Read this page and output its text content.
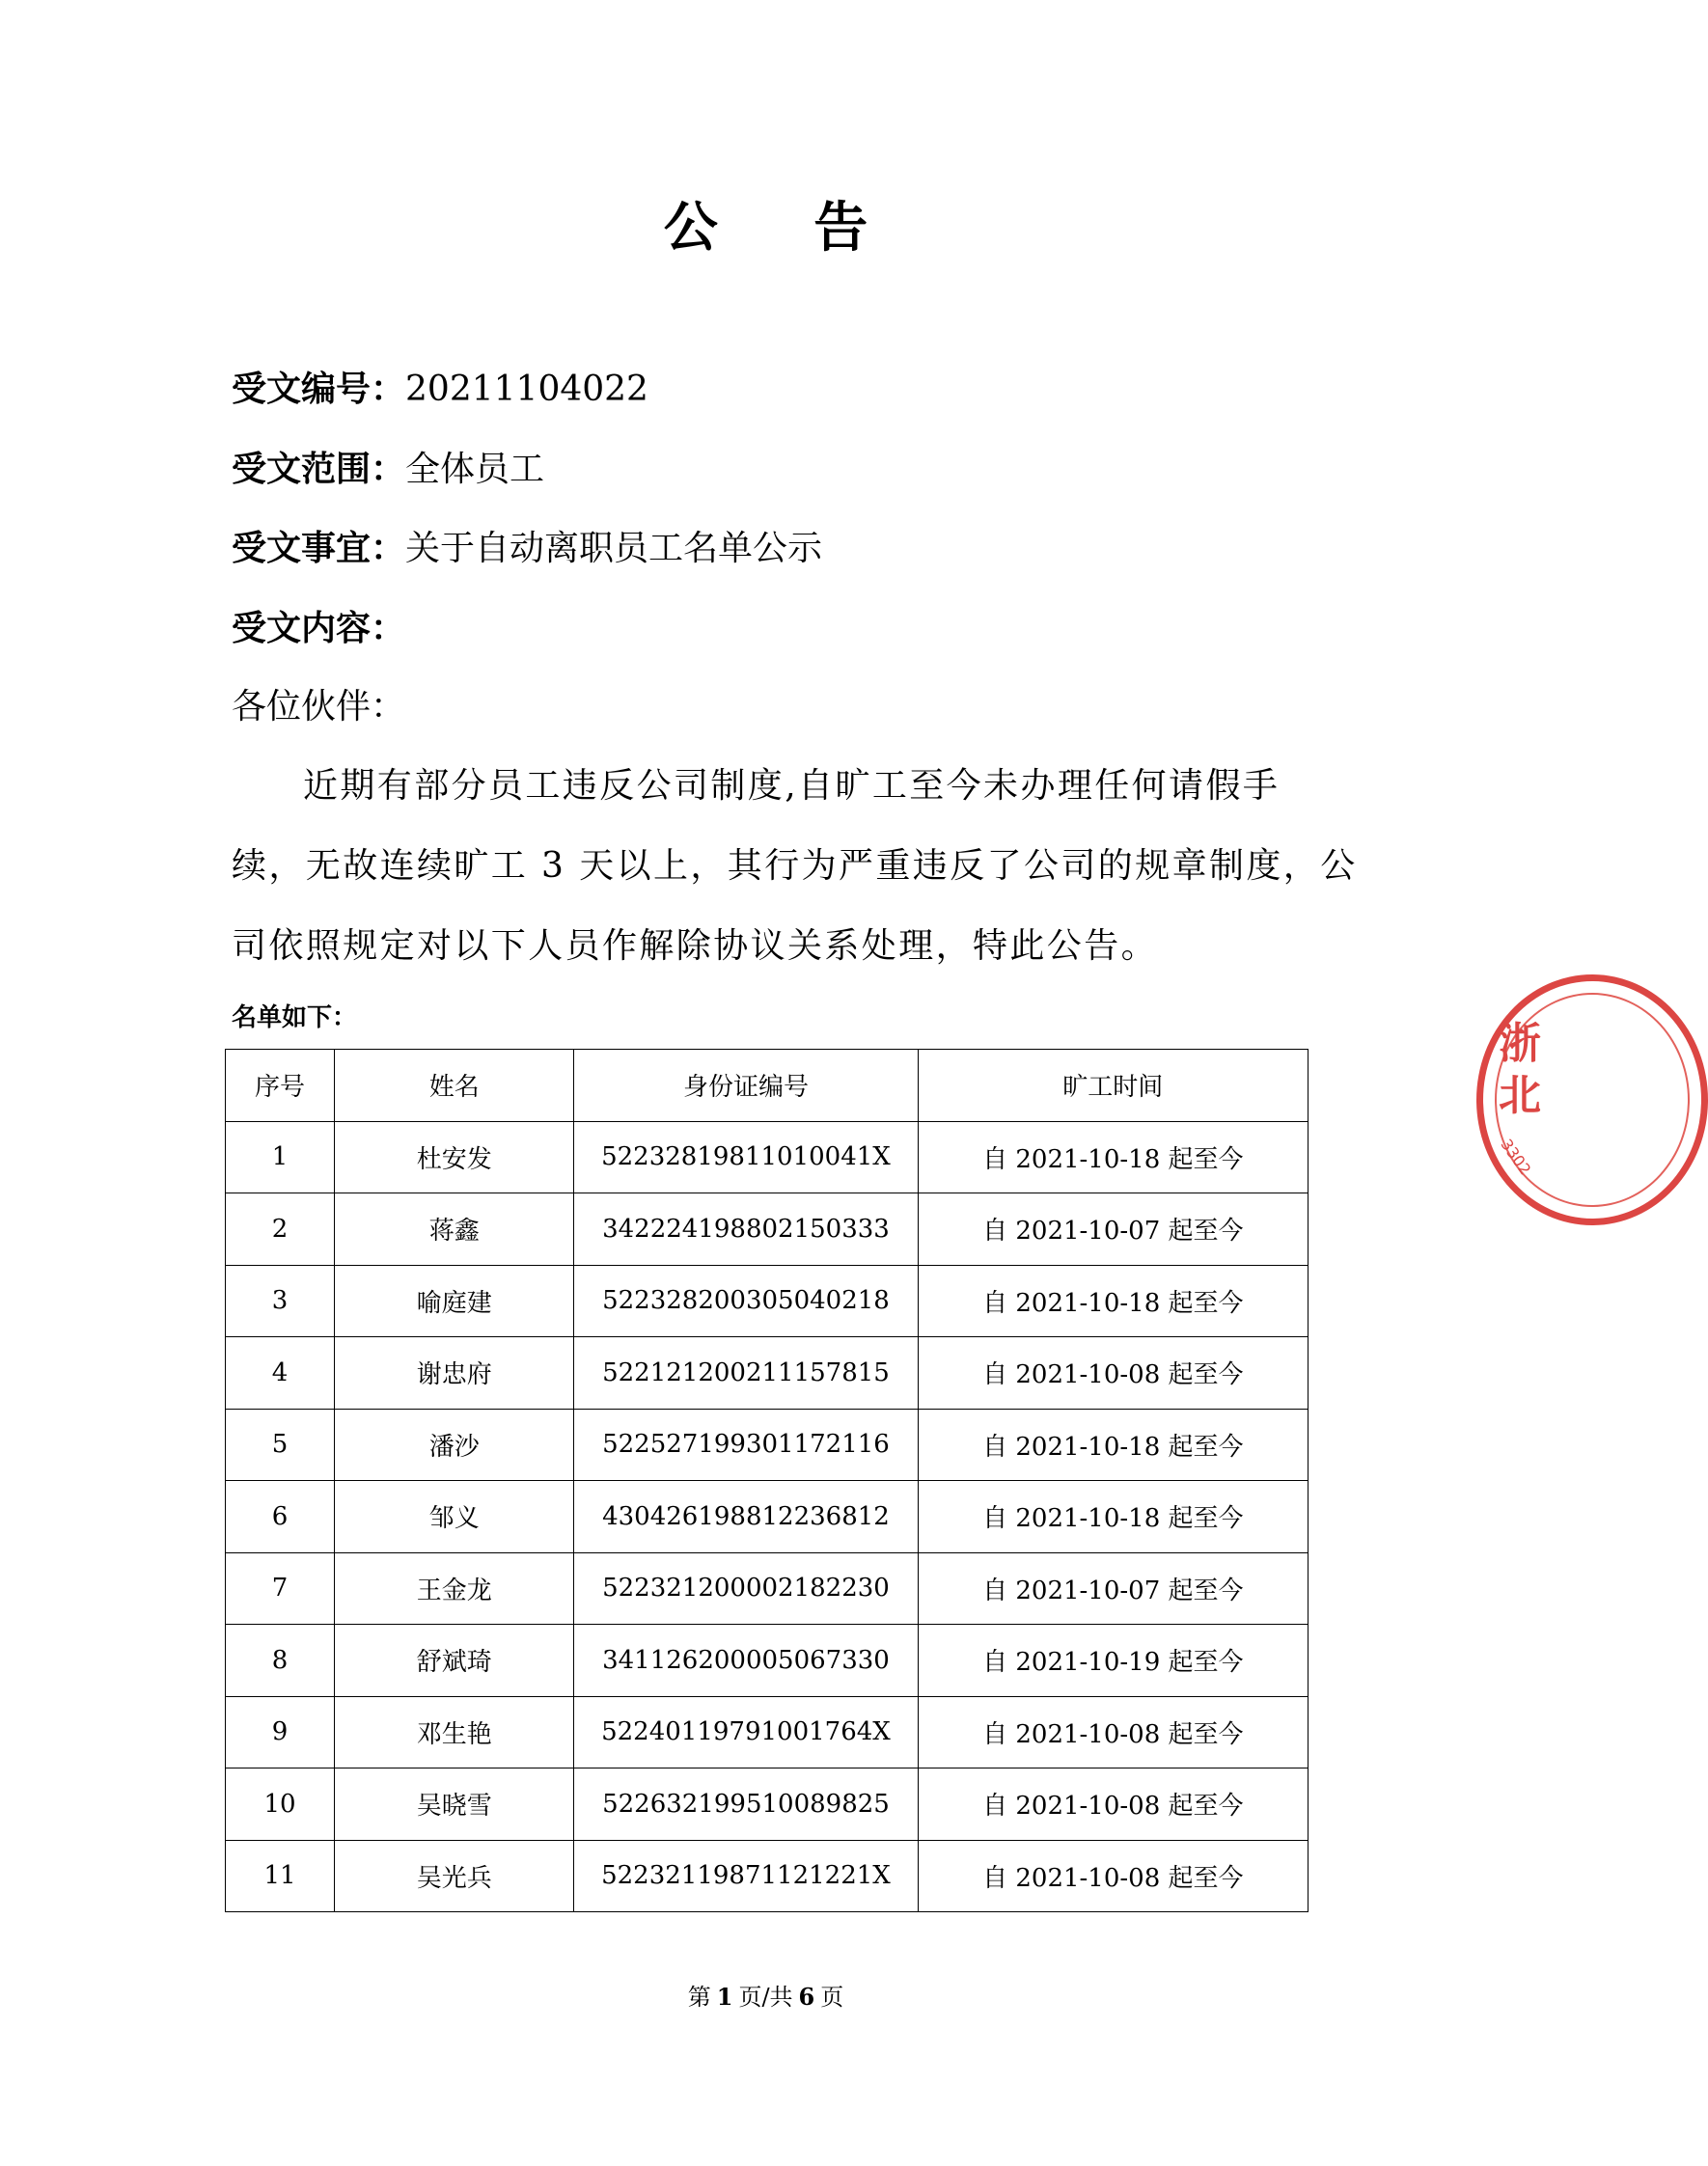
公 告
受文编号：20211104022
受文范围：全体员工
受文事宜：关于自动离职员工名单公示
受文内容：
各位伙伴：
近期有部分员工违反公司制度,自旷工至今未办理任何请假手
续，无故连续旷工 3 天以上，其行为严重违反了公司的规章制度，公
司依照规定对以下人员作解除协议关系处理，特此公告。
名单如下：
序号	姓名	身份证编号	旷工时间
1	杜安发	52232819811010041X	自 2021-10-18 起至今
2	蒋鑫	342224198802150333	自 2021-10-07 起至今
3	喻庭建	522328200305040218	自 2021-10-18 起至今
4	谢忠府	522121200211157815	自 2021-10-08 起至今
5	潘沙	522527199301172116	自 2021-10-18 起至今
6	邹义	430426198812236812	自 2021-10-18 起至今
7	王金龙	522321200002182230	自 2021-10-07 起至今
8	舒斌琦	341126200005067330	自 2021-10-19 起至今
9	邓生艳	52240119791001764X	自 2021-10-08 起至今
10	吴晓雪	522632199510089825	自 2021-10-08 起至今
11	吴光兵	52232119871121221X	自 2021-10-08 起至今
第 1 页/共 6 页
浙
北
3302
